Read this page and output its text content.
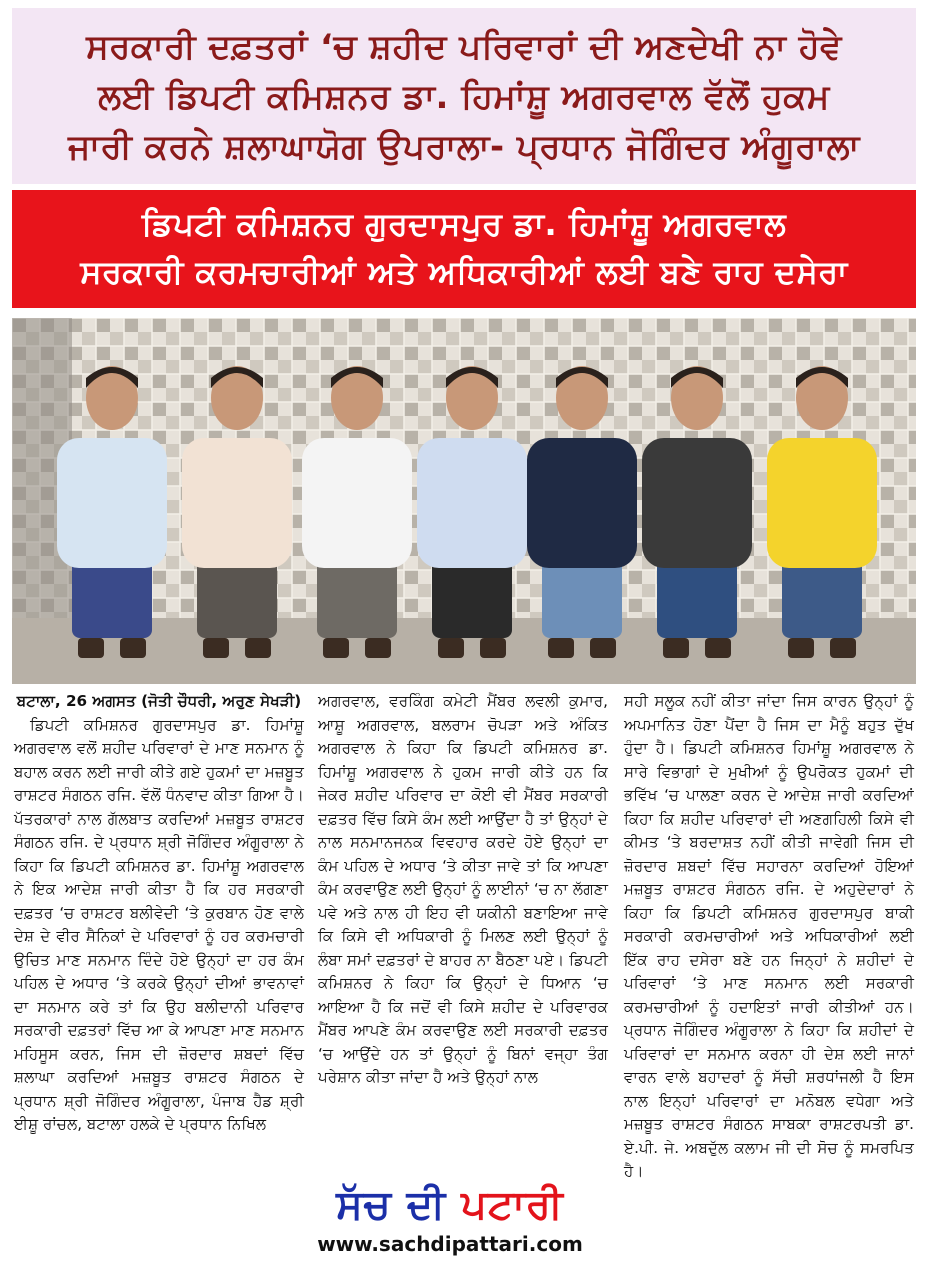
ਸਰਕਾਰੀ ਦਫ਼ਤਰਾਂ ‘ਚ ਸ਼ਹੀਦ ਪਰਿਵਾਰਾਂ ਦੀ ਅਣਦੇਖੀ ਨਾ ਹੋਵੇ
ਲਈ ਡਿਪਟੀ ਕਮਿਸ਼ਨਰ ਡਾ. ਹਿਮਾਂਸ਼ੂ ਅਗਰਵਾਲ ਵੱਲੋਂ ਹੁਕਮ
ਜਾਰੀ ਕਰਨੇ ਸ਼ਲਾਘਾਯੋਗ ਉਪਰਾਲਾ- ਪ੍ਰਧਾਨ ਜੋਗਿੰਦਰ ਅੰਗੂਰਾਲਾ
ਡਿਪਟੀ ਕਮਿਸ਼ਨਰ ਗੁਰਦਾਸਪੁਰ ਡਾ. ਹਿਮਾਂਸ਼ੂ ਅਗਰਵਾਲ
ਸਰਕਾਰੀ ਕਰਮਚਾਰੀਆਂ ਅਤੇ ਅਧਿਕਾਰੀਆਂ ਲਈ ਬਣੇ ਰਾਹ ਦਸੇਰਾ

ਬਟਾਲਾ, 26 ਅਗਸਤ (ਜੋਤੀ ਚੌਧਰੀ, ਅਰੁਣ ਸੇਖੜੀ)

ਡਿਪਟੀ ਕਮਿਸ਼ਨਰ ਗੁਰਦਾਸਪੁਰ ਡਾ. ਹਿਮਾਂਸ਼ੂ ਅਗਰਵਾਲ ਵਲੋਂ ਸ਼ਹੀਦ ਪਰਿਵਾਰਾਂ ਦੇ ਮਾਣ ਸਨਮਾਨ ਨੂੰ ਬਹਾਲ ਕਰਨ ਲਈ ਜਾਰੀ ਕੀਤੇ ਗਏ ਹੁਕਮਾਂ ਦਾ ਮਜ਼ਬੂਤ ਰਾਸ਼ਟਰ ਸੰਗਠਨ ਰਜਿ. ਵੱਲੋਂ ਧੰਨਵਾਦ ਕੀਤਾ ਗਿਆ ਹੈ। ਪੱਤਰਕਾਰਾਂ ਨਾਲ ਗੱਲਬਾਤ ਕਰਦਿਆਂ ਮਜ਼ਬੂਤ ਰਾਸ਼ਟਰ ਸੰਗਠਨ ਰਜਿ. ਦੇ ਪ੍ਰਧਾਨ ਸ਼੍ਰੀ ਜੋਗਿੰਦਰ ਅੰਗੂਰਾਲਾ ਨੇ ਕਿਹਾ ਕਿ ਡਿਪਟੀ ਕਮਿਸ਼ਨਰ ਡਾ. ਹਿਮਾਂਸ਼ੂ ਅਗਰਵਾਲ ਨੇ ਇਕ ਆਦੇਸ਼ ਜਾਰੀ ਕੀਤਾ ਹੈ ਕਿ ਹਰ ਸਰਕਾਰੀ ਦਫ਼ਤਰ ‘ਚ ਰਾਸ਼ਟਰ ਬਲੀਵੇਦੀ ‘ਤੇ ਕੁਰਬਾਨ ਹੋਣ ਵਾਲੇ ਦੇਸ਼ ਦੇ ਵੀਰ ਸੈਨਿਕਾਂ ਦੇ ਪਰਿਵਾਰਾਂ ਨੂੰ ਹਰ ਕਰਮਚਾਰੀ ਉਚਿਤ ਮਾਣ ਸਨਮਾਨ ਦਿੰਦੇ ਹੋਏ ਉਨ੍ਹਾਂ ਦਾ ਹਰ ਕੰਮ ਪਹਿਲ ਦੇ ਅਧਾਰ ‘ਤੇ ਕਰਕੇ ਉਨ੍ਹਾਂ ਦੀਆਂ ਭਾਵਨਾਵਾਂ ਦਾ ਸਨਮਾਨ ਕਰੇ ਤਾਂ ਕਿ ਉਹ ਬਲੀਦਾਨੀ ਪਰਿਵਾਰ ਸਰਕਾਰੀ ਦਫ਼ਤਰਾਂ ਵਿੱਚ ਆ ਕੇ ਆਪਣਾ ਮਾਣ ਸਨਮਾਨ ਮਹਿਸੂਸ ਕਰਨ, ਜਿਸ ਦੀ ਜ਼ੋਰਦਾਰ ਸ਼ਬਦਾਂ ਵਿੱਚ ਸ਼ਲਾਘਾ ਕਰਦਿਆਂ ਮਜ਼ਬੂਤ ਰਾਸ਼ਟਰ ਸੰਗਠਨ ਦੇ ਪ੍ਰਧਾਨ ਸ਼੍ਰੀ ਜੋਗਿੰਦਰ ਅੰਗੂਰਾਲਾ, ਪੰਜਾਬ ਹੈਡ ਸ਼੍ਰੀ ਈਸ਼ੂ ਰਾਂਚਲ, ਬਟਾਲਾ ਹਲਕੇ ਦੇ ਪ੍ਰਧਾਨ ਨਿਖਿਲ

ਅਗਰਵਾਲ, ਵਰਕਿੰਗ ਕਮੇਟੀ ਮੈਂਬਰ ਲਵਲੀ ਕੁਮਾਰ, ਆਸ਼ੂ ਅਗਰਵਾਲ, ਬਲਰਾਮ ਚੋਪੜਾ ਅਤੇ ਅੰਕਿਤ ਅਗਰਵਾਲ ਨੇ ਕਿਹਾ ਕਿ ਡਿਪਟੀ ਕਮਿਸ਼ਨਰ ਡਾ. ਹਿਮਾਂਸ਼ੂ ਅਗਰਵਾਲ ਨੇ ਹੁਕਮ ਜਾਰੀ ਕੀਤੇ ਹਨ ਕਿ ਜੇਕਰ ਸ਼ਹੀਦ ਪਰਿਵਾਰ ਦਾ ਕੋਈ ਵੀ ਮੈਂਬਰ ਸਰਕਾਰੀ ਦਫ਼ਤਰ ਵਿੱਚ ਕਿਸੇ ਕੰਮ ਲਈ ਆਉਂਦਾ ਹੈ ਤਾਂ ਉਨ੍ਹਾਂ ਦੇ ਨਾਲ ਸਨਮਾਨਜਨਕ ਵਿਵਹਾਰ ਕਰਦੇ ਹੋਏ ਉਨ੍ਹਾਂ ਦਾ ਕੰਮ ਪਹਿਲ ਦੇ ਅਧਾਰ ‘ਤੇ ਕੀਤਾ ਜਾਵੇ ਤਾਂ ਕਿ ਆਪਣਾ ਕੰਮ ਕਰਵਾਉਣ ਲਈ ਉਨ੍ਹਾਂ ਨੂੰ ਲਾਈਨਾਂ ‘ਚ ਨਾ ਲੱਗਣਾ ਪਵੇ ਅਤੇ ਨਾਲ ਹੀ ਇਹ ਵੀ ਯਕੀਨੀ ਬਣਾਇਆ ਜਾਵੇ ਕਿ ਕਿਸੇ ਵੀ ਅਧਿਕਾਰੀ ਨੂੰ ਮਿਲਣ ਲਈ ਉਨ੍ਹਾਂ ਨੂੰ ਲੰਬਾ ਸਮਾਂ ਦਫ਼ਤਰਾਂ ਦੇ ਬਾਹਰ ਨਾ ਬੈਠਣਾ ਪਏ। ਡਿਪਟੀ ਕਮਿਸ਼ਨਰ ਨੇ ਕਿਹਾ ਕਿ ਉਨ੍ਹਾਂ ਦੇ ਧਿਆਨ ‘ਚ ਆਇਆ ਹੈ ਕਿ ਜਦੋਂ ਵੀ ਕਿਸੇ ਸ਼ਹੀਦ ਦੇ ਪਰਿਵਾਰਕ ਮੈਂਬਰ ਆਪਣੇ ਕੰਮ ਕਰਵਾਉਣ ਲਈ ਸਰਕਾਰੀ ਦਫ਼ਤਰ ‘ਚ ਆਉਂਦੇ ਹਨ ਤਾਂ ਉਨ੍ਹਾਂ ਨੂੰ ਬਿਨਾਂ ਵਜ੍ਹਾ ਤੰਗ ਪਰੇਸ਼ਾਨ ਕੀਤਾ ਜਾਂਦਾ ਹੈ ਅਤੇ ਉਨ੍ਹਾਂ ਨਾਲ

ਸਹੀ ਸਲੂਕ ਨਹੀਂ ਕੀਤਾ ਜਾਂਦਾ ਜਿਸ ਕਾਰਨ ਉਨ੍ਹਾਂ ਨੂੰ ਅਪਮਾਨਿਤ ਹੋਣਾ ਪੈਂਦਾ ਹੈ ਜਿਸ ਦਾ ਮੈਨੂੰ ਬਹੁਤ ਦੁੱਖ ਹੁੰਦਾ ਹੈ। ਡਿਪਟੀ ਕਮਿਸ਼ਨਰ ਹਿਮਾਂਸ਼ੂ ਅਗਰਵਾਲ ਨੇ ਸਾਰੇ ਵਿਭਾਗਾਂ ਦੇ ਮੁਖੀਆਂ ਨੂੰ ਉਪਰੋਕਤ ਹੁਕਮਾਂ ਦੀ ਭਵਿੱਖ ‘ਚ ਪਾਲਣਾ ਕਰਨ ਦੇ ਆਦੇਸ਼ ਜਾਰੀ ਕਰਦਿਆਂ ਕਿਹਾ ਕਿ ਸ਼ਹੀਦ ਪਰਿਵਾਰਾਂ ਦੀ ਅਣਗਹਿਲੀ ਕਿਸੇ ਵੀ ਕੀਮਤ ‘ਤੇ ਬਰਦਾਸ਼ਤ ਨਹੀਂ ਕੀਤੀ ਜਾਵੇਗੀ ਜਿਸ ਦੀ ਜ਼ੋਰਦਾਰ ਸ਼ਬਦਾਂ ਵਿੱਚ ਸਹਾਰਨਾ ਕਰਦਿਆਂ ਹੋਇਆਂ ਮਜ਼ਬੂਤ ਰਾਸ਼ਟਰ ਸੰਗਠਨ ਰਜਿ. ਦੇ ਅਹੁਦੇਦਾਰਾਂ ਨੇ ਕਿਹਾ ਕਿ ਡਿਪਟੀ ਕਮਿਸ਼ਨਰ ਗੁਰਦਾਸਪੁਰ ਬਾਕੀ ਸਰਕਾਰੀ ਕਰਮਚਾਰੀਆਂ ਅਤੇ ਅਧਿਕਾਰੀਆਂ ਲਈ ਇੱਕ ਰਾਹ ਦਸੇਰਾ ਬਣੇ ਹਨ ਜਿਨ੍ਹਾਂ ਨੇ ਸ਼ਹੀਦਾਂ ਦੇ ਪਰਿਵਾਰਾਂ ‘ਤੇ ਮਾਣ ਸਨਮਾਨ ਲਈ ਸਰਕਾਰੀ ਕਰਮਚਾਰੀਆਂ ਨੂੰ ਹਦਾਇਤਾਂ ਜਾਰੀ ਕੀਤੀਆਂ ਹਨ। ਪ੍ਰਧਾਨ ਜੋਗਿੰਦਰ ਅੰਗੂਰਾਲਾ ਨੇ ਕਿਹਾ ਕਿ ਸ਼ਹੀਦਾਂ ਦੇ ਪਰਿਵਾਰਾਂ ਦਾ ਸਨਮਾਨ ਕਰਨਾ ਹੀ ਦੇਸ਼ ਲਈ ਜਾਨਾਂ ਵਾਰਨ ਵਾਲੇ ਬਹਾਦਰਾਂ ਨੂੰ ਸੱਚੀ ਸ਼ਰਧਾਂਜਲੀ ਹੈ ਇਸ ਨਾਲ ਇਨ੍ਹਾਂ ਪਰਿਵਾਰਾਂ ਦਾ ਮਨੋਬਲ ਵਧੇਗਾ ਅਤੇ ਮਜ਼ਬੂਤ ਰਾਸ਼ਟਰ ਸੰਗਠਨ ਸਾਬਕਾ ਰਾਸ਼ਟਰਪਤੀ ਡਾ. ਏ.ਪੀ. ਜੇ. ਅਬਦੁੱਲ ਕਲਾਮ ਜੀ ਦੀ ਸੋਚ ਨੂੰ ਸਮਰਪਿਤ ਹੈ।

ਸੱਚ ਦੀ ਪਟਾਰੀ
www.sachdipattari.com
